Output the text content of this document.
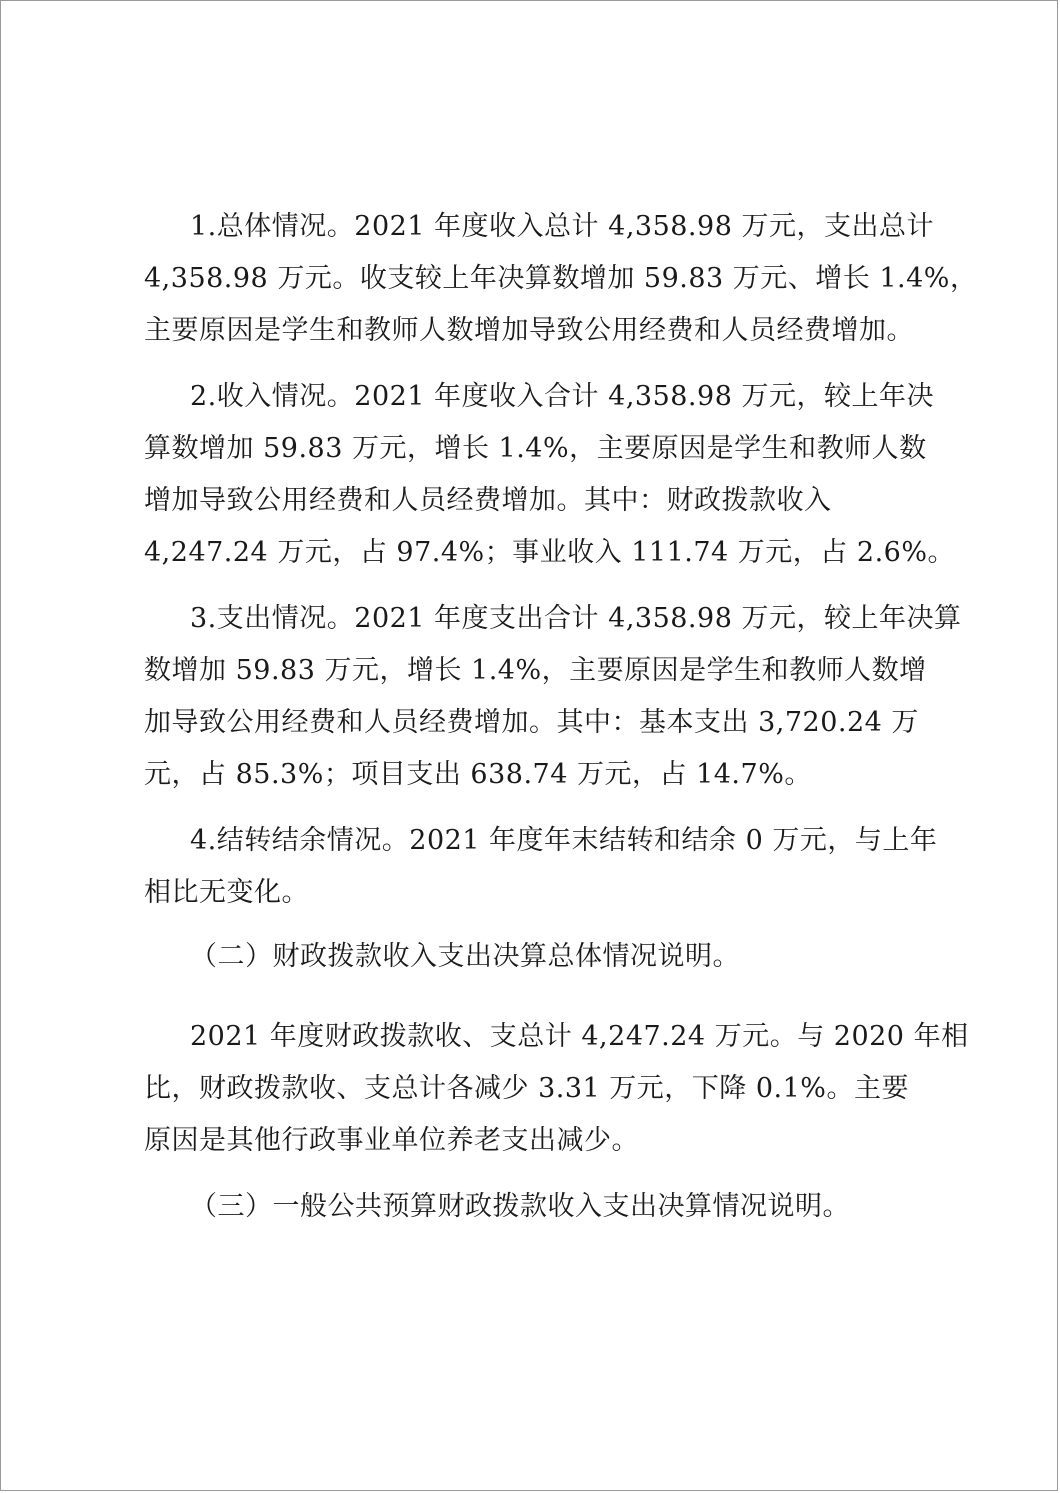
1.总体情况。2021 年度收入总计 4,358.98 万元，支出总计
4,358.98 万元。收支较上年决算数增加 59.83 万元、增长 1.4%，
主要原因是学生和教师人数增加导致公用经费和人员经费增加。
2.收入情况。2021 年度收入合计 4,358.98 万元，较上年决
算数增加 59.83 万元，增长 1.4%，主要原因是学生和教师人数
增加导致公用经费和人员经费增加。其中：财政拨款收入
4,247.24 万元，占 97.4%；事业收入 111.74 万元，占 2.6%。
3.支出情况。2021 年度支出合计 4,358.98 万元，较上年决算
数增加 59.83 万元，增长 1.4%，主要原因是学生和教师人数增
加导致公用经费和人员经费增加。其中：基本支出 3,720.24 万
元，占 85.3%；项目支出 638.74 万元，占 14.7%。
4.结转结余情况。2021 年度年末结转和结余 0 万元，与上年
相比无变化。
（二）财政拨款收入支出决算总体情况说明。
2021 年度财政拨款收、支总计 4,247.24 万元。与 2020 年相
比，财政拨款收、支总计各减少 3.31 万元，下降 0.1%。主要
原因是其他行政事业单位养老支出减少。
（三）一般公共预算财政拨款收入支出决算情况说明。
